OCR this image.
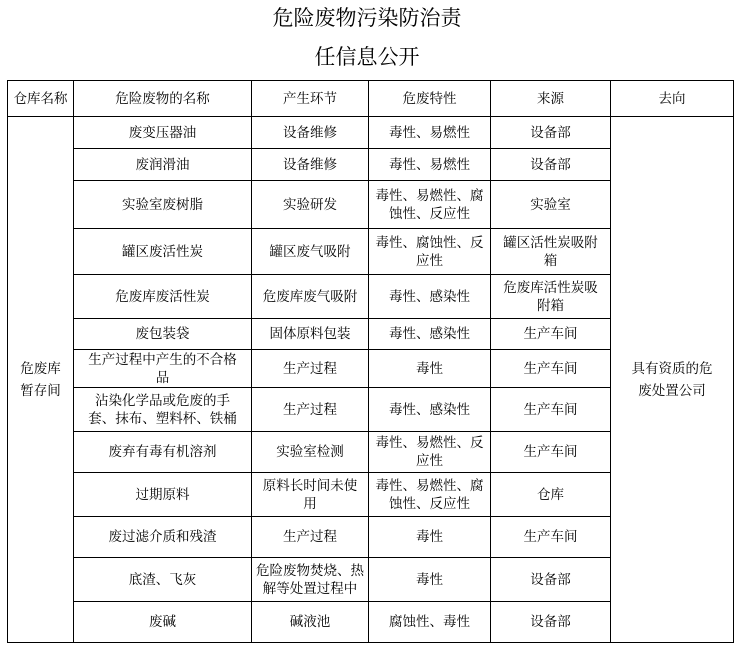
危险废物污染防治责
任信息公开
仓库名称	危险废物的名称	产生环节	危废特性	来源	去向
危废库暂存间	废变压器油	设备维修	毒性、易燃性	设备部	具有资质的危废处置公司
	废润滑油	设备维修	毒性、易燃性	设备部	
	实验室废树脂	实验研发	毒性、易燃性、腐蚀性、反应性	实验室	
	罐区废活性炭	罐区废气吸附	毒性、腐蚀性、反应性	罐区活性炭吸附箱	
	危废库废活性炭	危废库废气吸附	毒性、感染性	危废库活性炭吸附箱	
	废包装袋	固体原料包装	毒性、感染性	生产车间	
	生产过程中产生的不合格品	生产过程	毒性	生产车间	
	沾染化学品或危废的手套、抹布、塑料杯、铁桶	生产过程	毒性、感染性	生产车间	
	废弃有毒有机溶剂	实验室检测	毒性、易燃性、反应性	生产车间	
	过期原料	原料长时间未使用	毒性、易燃性、腐蚀性、反应性	仓库	
	废过滤介质和残渣	生产过程	毒性	生产车间	
	底渣、飞灰	危险废物焚烧、热解等处置过程中	毒性	设备部	
	废碱	碱液池	腐蚀性、毒性	设备部	
